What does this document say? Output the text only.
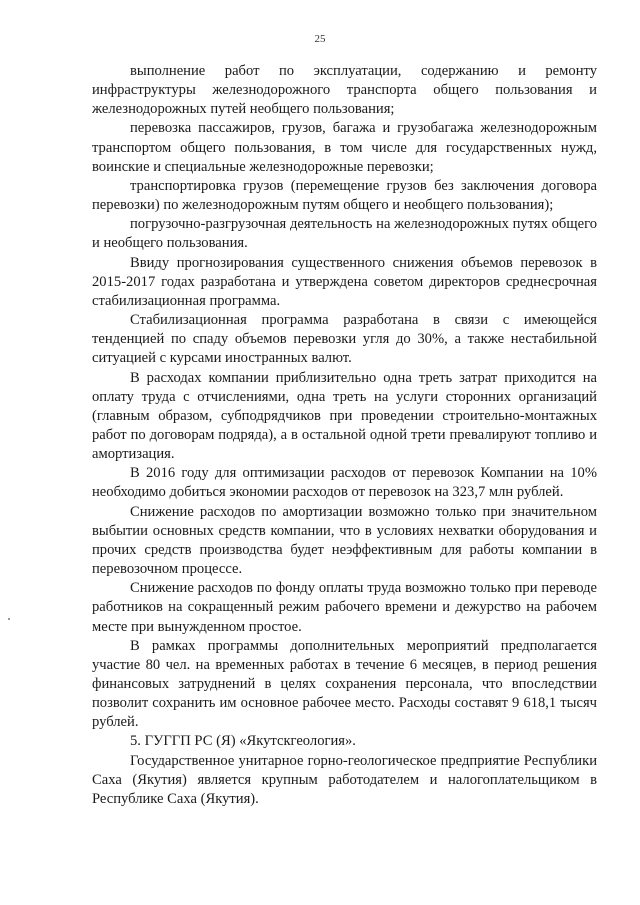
25

выполнение работ по эксплуатации, содержанию и ремонту инфраструктуры железнодорожного транспорта общего пользования и железнодорожных путей необщего пользования;

перевозка пассажиров, грузов, багажа и грузобагажа железнодорожным транспортом общего пользования, в том числе для государственных нужд, воинские и специальные железнодорожные перевозки;

транспортировка грузов (перемещение грузов без заключения договора перевозки) по железнодорожным путям общего и необщего пользования);

погрузочно-разгрузочная деятельность на железнодорожных путях общего и необщего пользования.

Ввиду прогнозирования существенного снижения объемов перевозок в 2015-2017 годах разработана и утверждена советом директоров среднесрочная стабилизационная программа.

Стабилизационная программа разработана в связи с имеющейся тенденцией по спаду объемов перевозки угля до 30%, а также нестабильной ситуацией с курсами иностранных валют.

В расходах компании приблизительно одна треть затрат приходится на оплату труда с отчислениями, одна треть на услуги сторонних организаций (главным образом, субподрядчиков при проведении строительно-монтажных работ по договорам подряда), а в остальной одной трети превалируют топливо и амортизация.

В 2016 году для оптимизации расходов от перевозок Компании на 10% необходимо добиться экономии расходов от перевозок на 323,7 млн рублей.

Снижение расходов по амортизации возможно только при значительном выбытии основных средств компании, что в условиях нехватки оборудования и прочих средств производства будет неэффективным для работы компании в перевозочном процессе.

Снижение расходов по фонду оплаты труда возможно только при переводе работников на сокращенный режим рабочего времени и дежурство на рабочем месте при вынужденном простое.

В рамках программы дополнительных мероприятий предполагается участие 80 чел. на временных работах в течение 6 месяцев, в период решения финансовых затруднений в целях сохранения персонала, что впоследствии позволит сохранить им основное рабочее место. Расходы составят 9 618,1 тысяч рублей.

5. ГУГГП РС (Я) «Якутскгеология».

Государственное унитарное горно-геологическое предприятие Республики Саха (Якутия) является крупным работодателем и налогоплательщиком в Республике Саха (Якутия).
